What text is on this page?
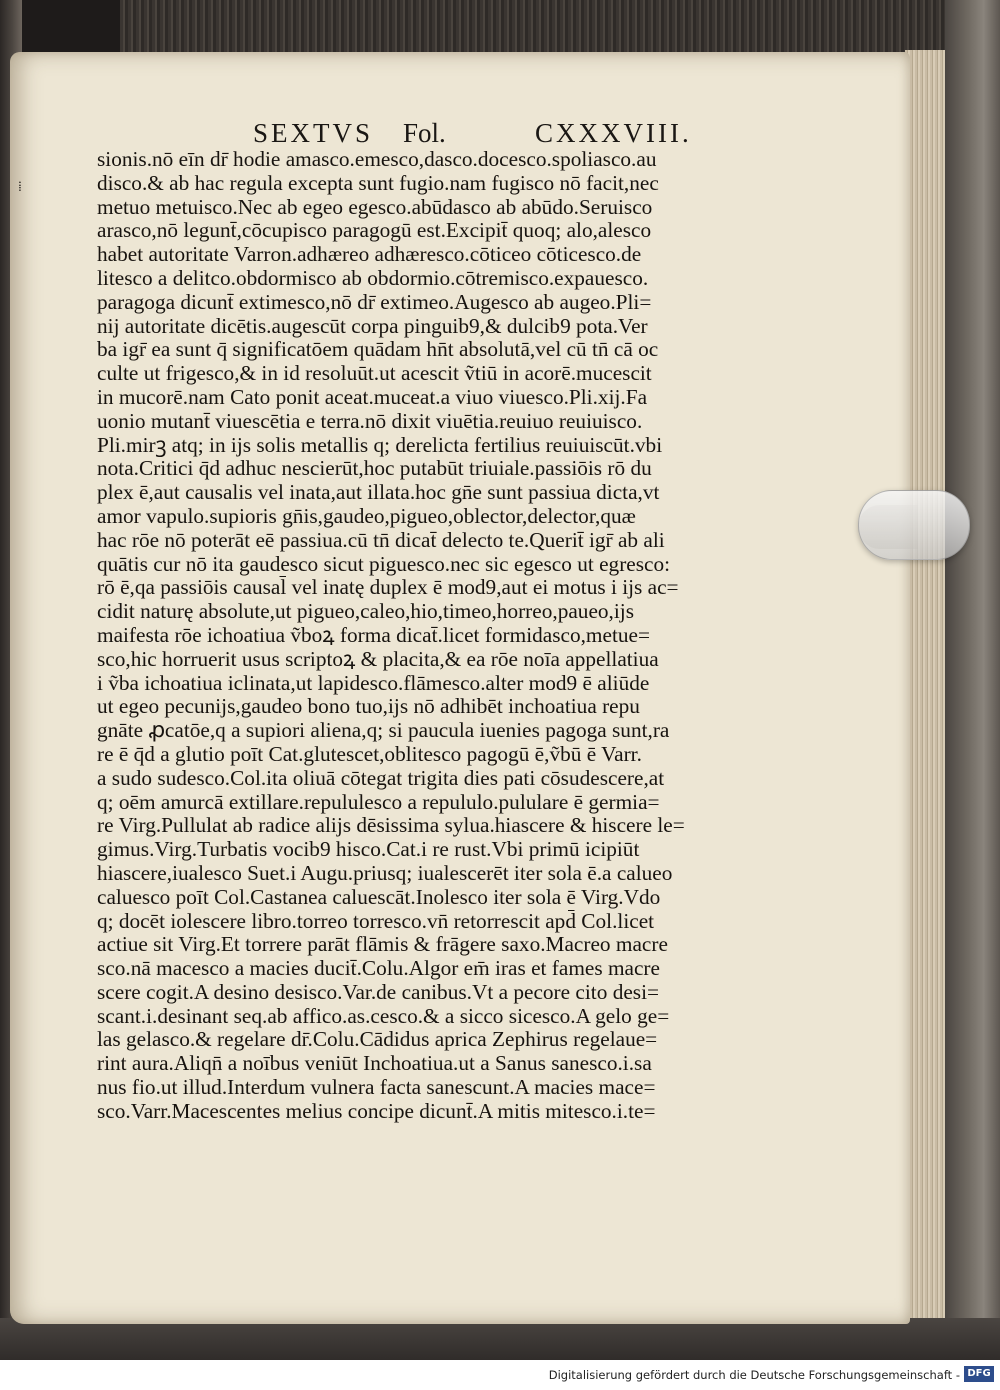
⁞
SEXTVS Fol.	CXXXVIII.
sionis.nō eīn dr̄ hodie amasco.emesco,dasco.docesco.spoliasco.au
disco.& ab hac regula excepta sunt fugio.nam fugisco nō facit,nec
metuo metuisco.Nec ab egeo egesco.abūdasco ab abūdo.Seruisco
arasco,nō legunt̄,cōcupisco paragogū est.Excipit̄ quoq; alo,alesco
habet autoritate Varron.adhæreo adhæresco.cōticeo cōticesco.de
litesco a delitco.obdormisco ab obdormio.cōtremisco.expauesco.
paragoga dicunt̄ extimesco,nō dr̄ extimeo.Augesco ab augeo.Pli=
nij autoritate dicētis.augescūt corpa pinguib9,& dulcib9 pota.Ver
ba igr̄ ea sunt q̄ significatōem quādam hn̄t absolutā,vel cū tn̄ cā oc
culte ut frigesco,& in id resoluūt.ut acescit ṽtiū in acorē.mucescit
in mucorē.nam Cato ponit aceat.muceat.a viuo viuesco.Pli.xij.Fa
uonio mutant̄ viuescētia e terra.nō dixit viuētia.reuiuo reuiuisco.
Pli.mirꝫ atq; in ijs solis metallis q; derelicta fertilius reuiuiscūt.vbi
nota.Critici q̄d adhuc nescierūt,hoc putabūt triuiale.passiōis rō du
plex ē,aut causalis vel inata,aut illata.hoc gn̄e sunt passiua dicta,vt
amor vapulo.supioris gn̄is,gaudeo,pigueo,oblector,delector,quæ
hac rōe nō poterāt eē passiua.cū tn̄ dicat̄ delecto te.Querit̄ igr̄ ab ali
quātis cur nō ita gaudesco sicut piguesco.nec sic egesco ut egresco:
rō ē,qa passiōis causal̄ vel inatę duplex ē mod9,aut ei motus i ijs ac=
cidit naturę absolute,ut pigueo,caleo,hio,timeo,horreo,paueo,ijs
maifesta rōe ichoatiua ṽboꝝ forma dicat̄.licet formidasco,metue=
sco,hic horruerit usus scriptoꝝ & placita,& ea rōe noīa appellatiua
i ṽba ichoatiua iclinata,ut lapidesco.flāmesco.alter mod9 ē aliūde
ut egeo pecunijs,gaudeo bono tuo,ijs nō adhibēt inchoatiua repu
gnāte ꝓcatōe,q a supiori aliena,q; si paucula iuenies pagoga sunt,ra
re ē q̄d a glutio poīt Cat.glutescet,oblitesco pagogū ē,ṽbū ē Varr.
a sudo sudesco.Col.ita oliuā cōtegat trigita dies pati cōsudescere,at
q; oēm amurcā extillare.repululesco a repululo.pululare ē germia=
re Virg.Pullulat ab radice alijs dēsissima sylua.hiascere & hiscere le=
gimus.Virg.Turbatis vocib9 hisco.Cat.i re rust.Vbi primū icipiūt
hiascere,iualesco Suet.i Augu.priusq; iualescerēt iter sola ē.a calueo
caluesco poīt Col.Castanea caluescāt.Inolesco iter sola ē Virg.Vdo
q; docēt iolescere libro.torreo torresco.vn̄ retorrescit apd̄ Col.licet
actiue sit Virg.Et torrere parāt flāmis & frāgere saxo.Macreo macre
sco.nā macesco a macies ducit̄.Colu.Algor em̄ iras et fames macre
scere cogit.A desino desisco.Var.de canibus.Vt a pecore cito desi=
scant.i.desinant seq.ab affico.as.cesco.& a sicco sicesco.A gelo ge=
las gelasco.& regelare dr̄.Colu.Cādidus aprica Zephirus regelaue=
rint aura.Aliqn̄ a noībus veniūt Inchoatiua.ut a Sanus sanesco.i.sa
nus fio.ut illud.Interdum vulnera facta sanescunt.A macies mace=
sco.Varr.Macescentes melius concipe dicunt̄.A mitis mitesco.i.te=
Digitalisierung gefördert durch die Deutsche Forschungsgemeinschaft - DFG
